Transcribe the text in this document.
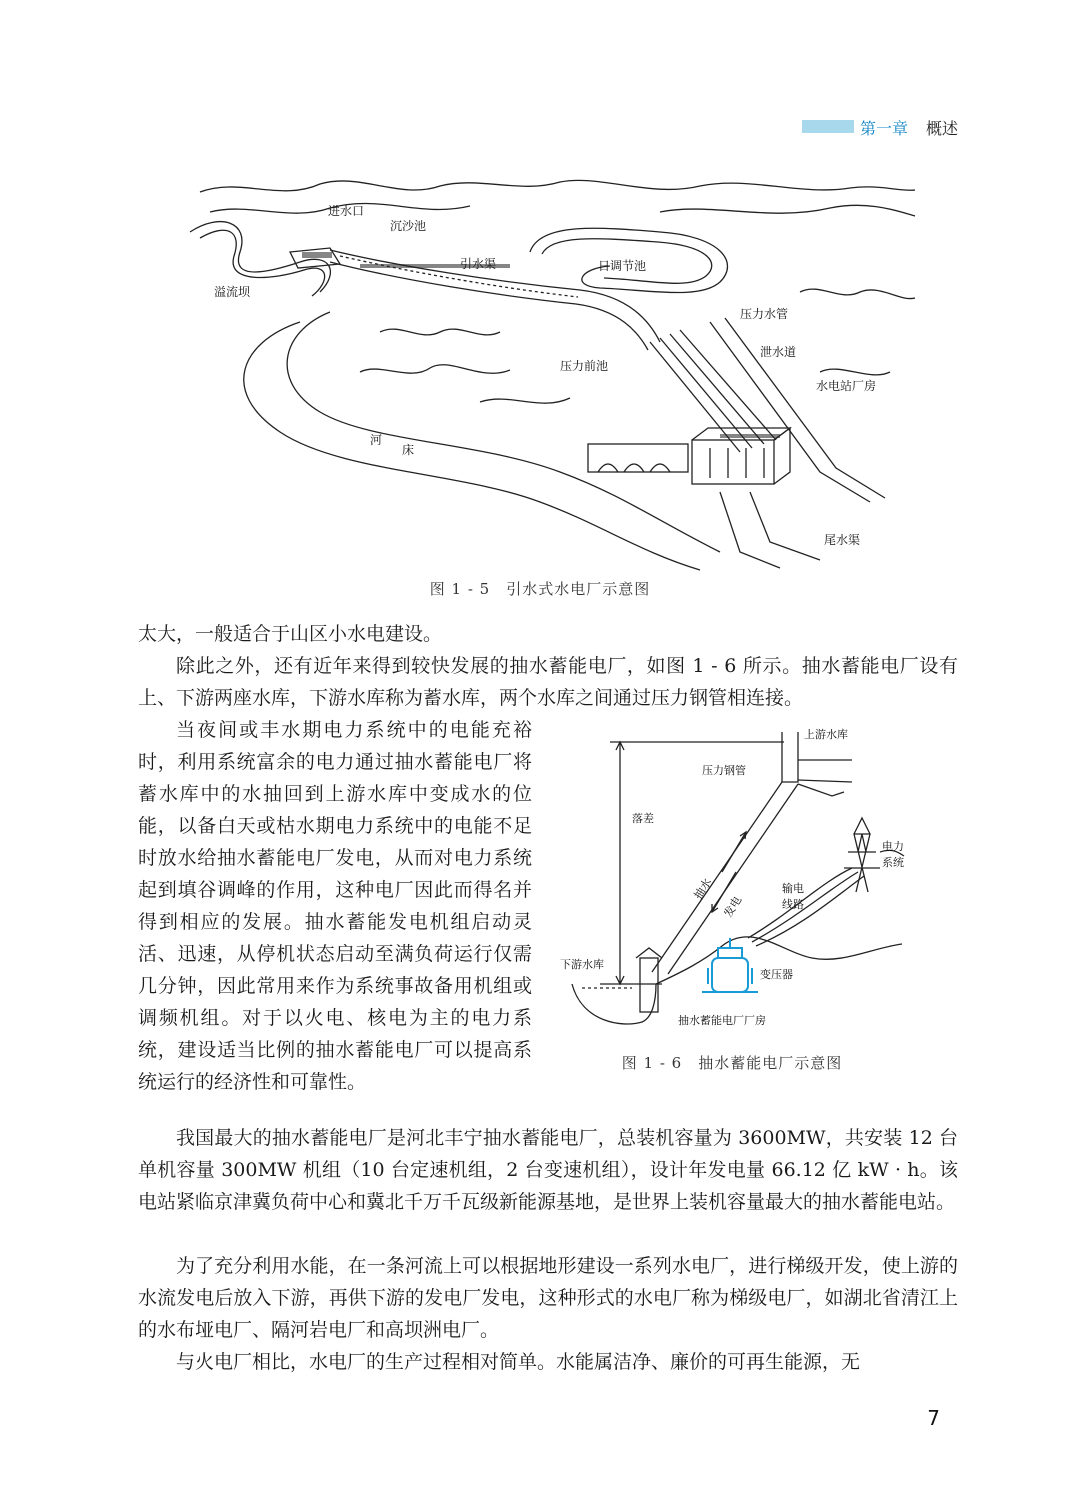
第一章 概述
进水口
沉沙池
引水渠	日调节池
溢流坝
压力水管
压力前池
泄水道
水电站厂房
河
床
尾水渠
图 1 - 5　引水式水电厂示意图

太大，一般适合于山区小水电建设。

除此之外，还有近年来得到较快发展的抽水蓄能电厂，如图 1 - 6 所示。抽水蓄能电厂设有上、下游两座水库，下游水库称为蓄水库，两个水库之间通过压力钢管相连接。

当夜间或丰水期电力系统中的电能充裕时，利用系统富余的电力通过抽水蓄能电厂将蓄水库中的水抽回到上游水库中变成水的位能，以备白天或枯水期电力系统中的电能不足时放水给抽水蓄能电厂发电，从而对电力系统起到填谷调峰的作用，这种电厂因此而得名并得到相应的发展。抽水蓄能发电机组启动灵活、迅速，从停机状态启动至满负荷运行仅需几分钟，因此常用来作为系统事故备用机组或调频机组。对于以火电、核电为主的电力系统，建设适当比例的抽水蓄能电厂可以提高系统运行的经济性和可靠性。

上游水库
压力钢管
落差
抽水
发电
输电
线路
电力
系统
下游水库
变压器
抽水蓄能电厂厂房
图 1 - 6　抽水蓄能电厂示意图

我国最大的抽水蓄能电厂是河北丰宁抽水蓄能电厂，总装机容量为 3600MW，共安装 12 台单机容量 300MW 机组（10 台定速机组，2 台变速机组），设计年发电量 66.12 亿 kW · h。该电站紧临京津冀负荷中心和冀北千万千瓦级新能源基地，是世界上装机容量最大的抽水蓄能电站。

为了充分利用水能，在一条河流上可以根据地形建设一系列水电厂，进行梯级开发，使上游的水流发电后放入下游，再供下游的发电厂发电，这种形式的水电厂称为梯级电厂，如湖北省清江上的水布垭电厂、隔河岩电厂和高坝洲电厂。

与火电厂相比，水电厂的生产过程相对简单。水能属洁净、廉价的可再生能源，无

7
